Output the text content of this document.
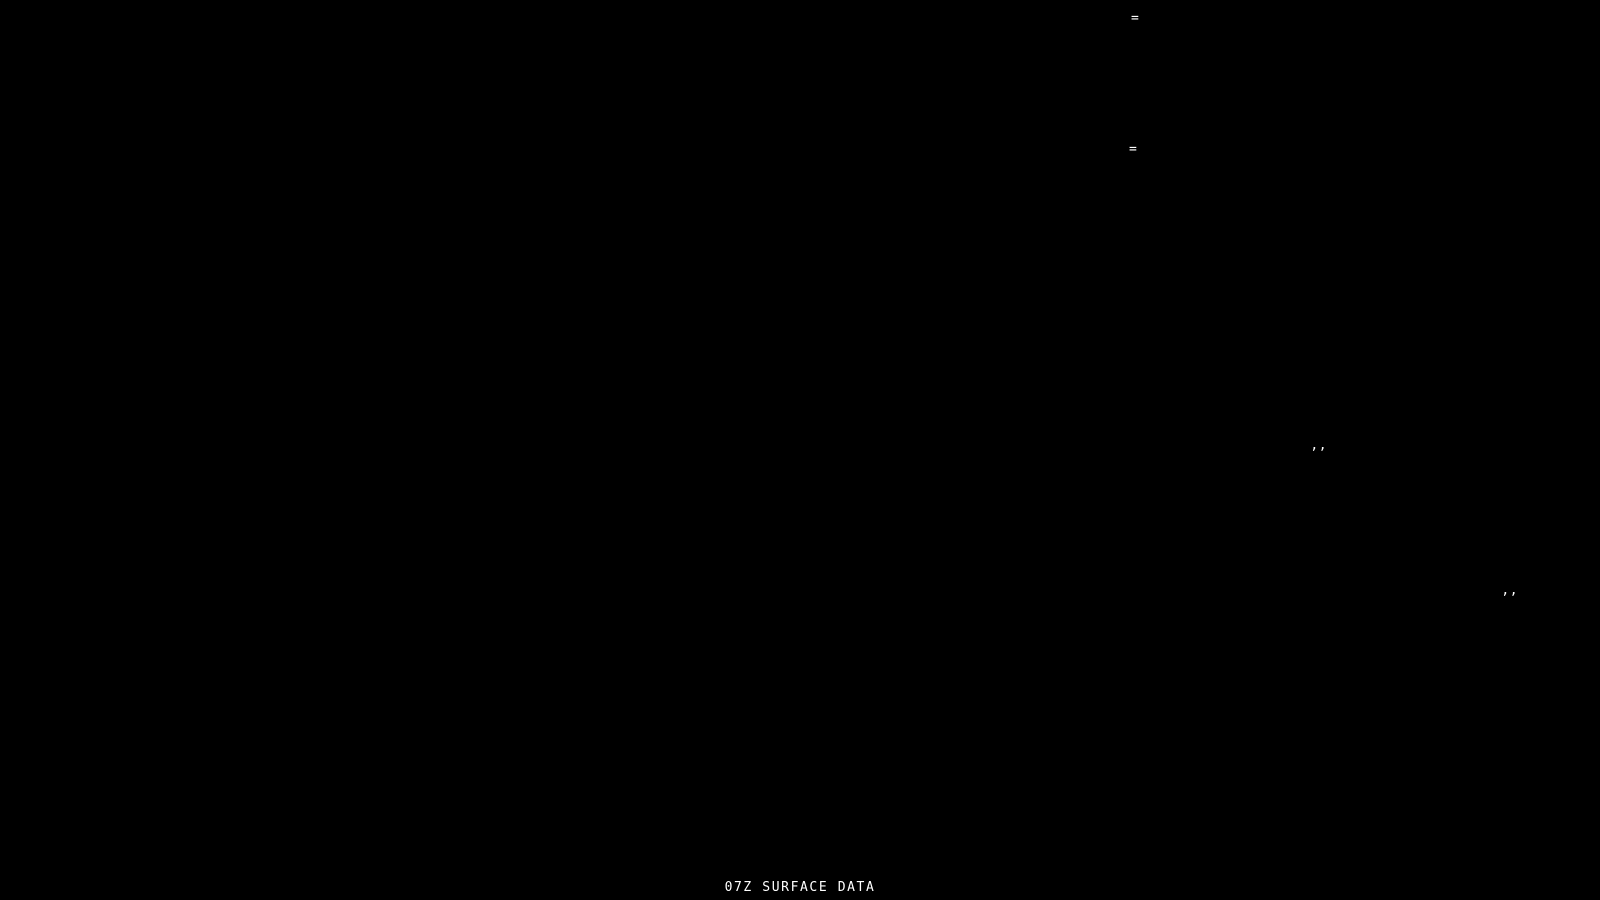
=
=
’’
’’
07Z SURFACE DATA
